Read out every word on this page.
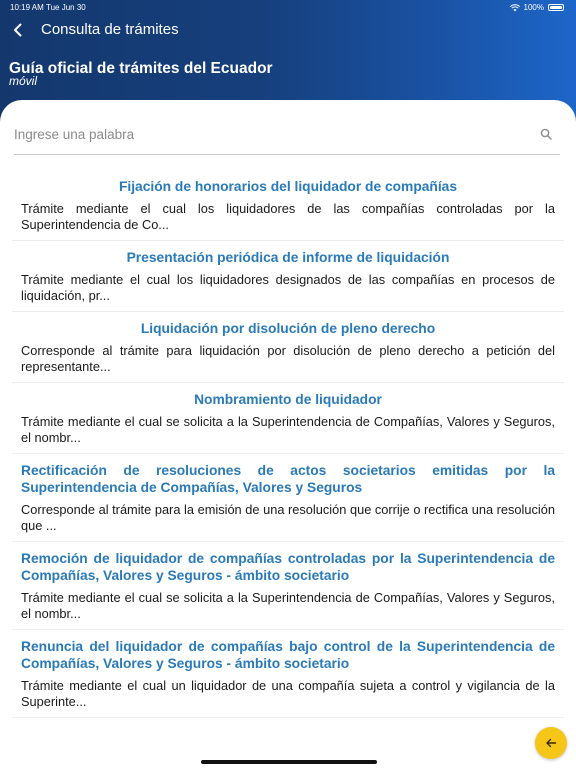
10:19 AM Tue Jun 30	100%
Consulta de trámites
Guía oficial de trámites del Ecuador
móvil
Ingrese una palabra
Fijación de honorarios del liquidador de compañías
Trámite mediante el cual los liquidadores de las compañías controladas por la Superintendencia de Co...
Presentación periódica de informe de liquidación
Trámite mediante el cual los liquidadores designados de las compañías en procesos de liquidación, pr...
Liquidación por disolución de pleno derecho
Corresponde al trámite para liquidación por disolución de pleno derecho a petición del representante...
Nombramiento de liquidador
Trámite mediante el cual se solicita a la Superintendencia de Compañías, Valores y Seguros, el nombr...
Rectificación de resoluciones de actos societarios emitidas por la Superintendencia de Compañías, Valores y Seguros
Corresponde al trámite para la emisión de una resolución que corrije o rectifica una resolución que ...
Remoción de liquidador de compañías controladas por la Superintendencia de Compañías, Valores y Seguros - ámbito societario
Trámite mediante el cual se solicita a la Superintendencia de Compañías, Valores y Seguros, el nombr...
Renuncia del liquidador de compañías bajo control de la Superintendencia de Compañías, Valores y Seguros - ámbito societario
Trámite mediante el cual un liquidador de una compañía sujeta a control y vigilancia de la Superinte...
